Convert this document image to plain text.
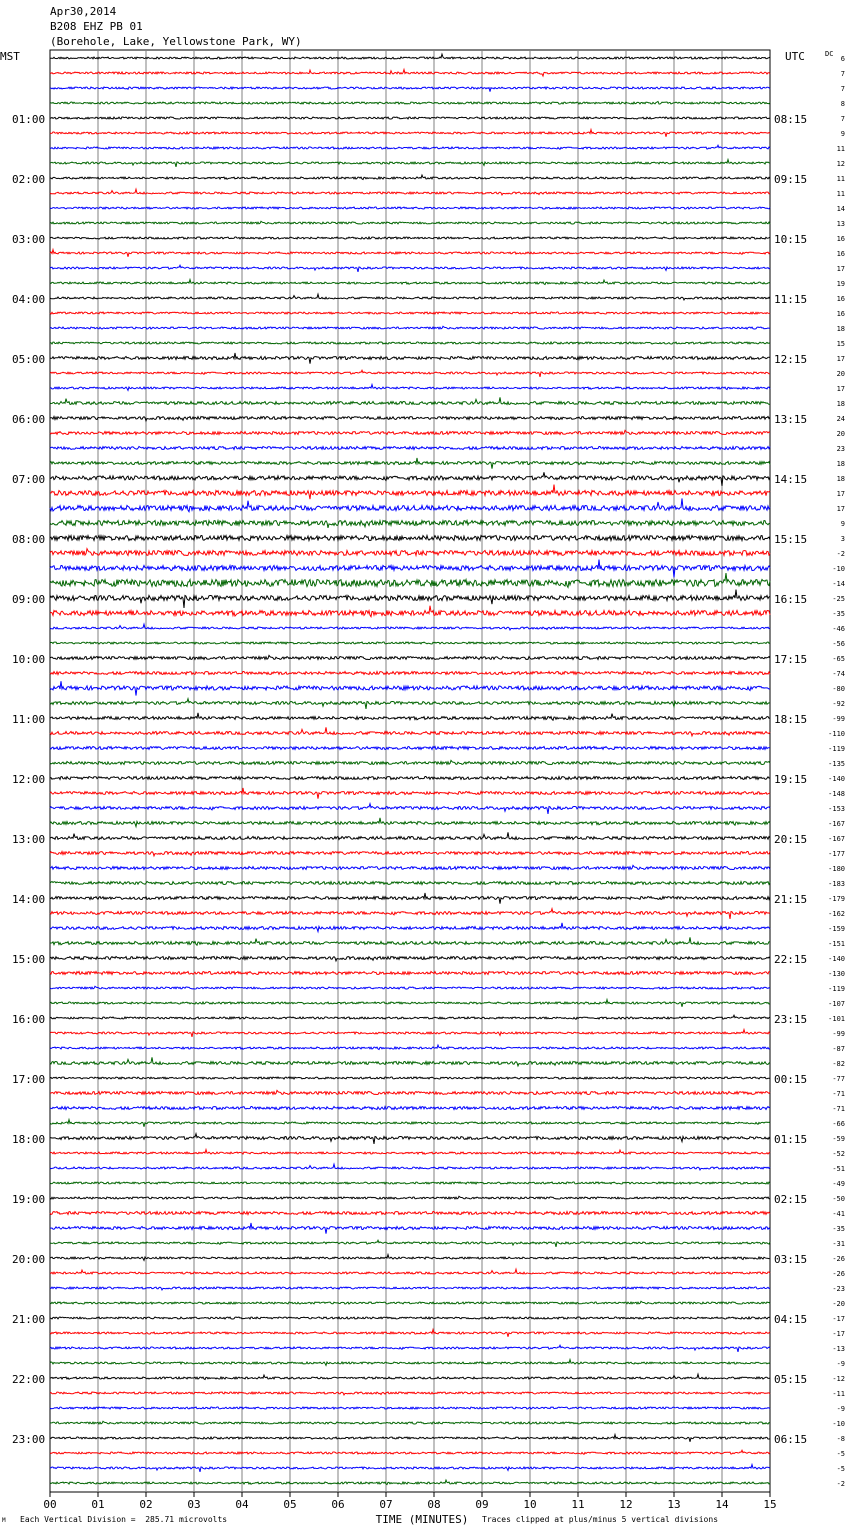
Apr30,2014
B208 EHZ PB 01
(Borehole, Lake, Yellowstone Park, WY)
MST	UTC	DC
01:00
02:00
03:00
04:00
05:00
06:00
07:00
08:00
09:00
10:00
11:00
12:00
13:00
14:00
15:00
16:00
17:00
18:00
19:00
20:00
21:00
22:00
23:00
08:15
09:15
10:15
11:15
12:15
13:15
14:15
15:15
16:15
17:15
18:15
19:15
20:15
21:15
22:15
23:15
00:15
01:15
02:15
03:15
04:15
05:15
06:15
6
7
7
8
7
9
11
12
11
11
14
13
16
16
17
19
16
16
18
15
17
20
17
18
24
20
23
18
18
17
17
9
3
-2
-10
-14
-25
-35
-46
-56
-65
-74
-80
-92
-99
-110
-119
-135
-140
-148
-153
-167
-167
-177
-180
-183
-179
-162
-159
-151
-140
-130
-119
-107
-101
-99
-87
-82
-77
-71
-71
-66
-59
-52
-51
-49
-50
-41
-35
-31
-26
-26
-23
-20
-17
-17
-13
-9
-12
-11
-9
-10
-8
-5
-5
-2
00	01	02	03	04	05	06	07	08	09	10	11	12	13	14	15
TIME (MINUTES)
M Each Vertical Division =  285.71 microvolts	Traces clipped at plus/minus 5 vertical divisions
